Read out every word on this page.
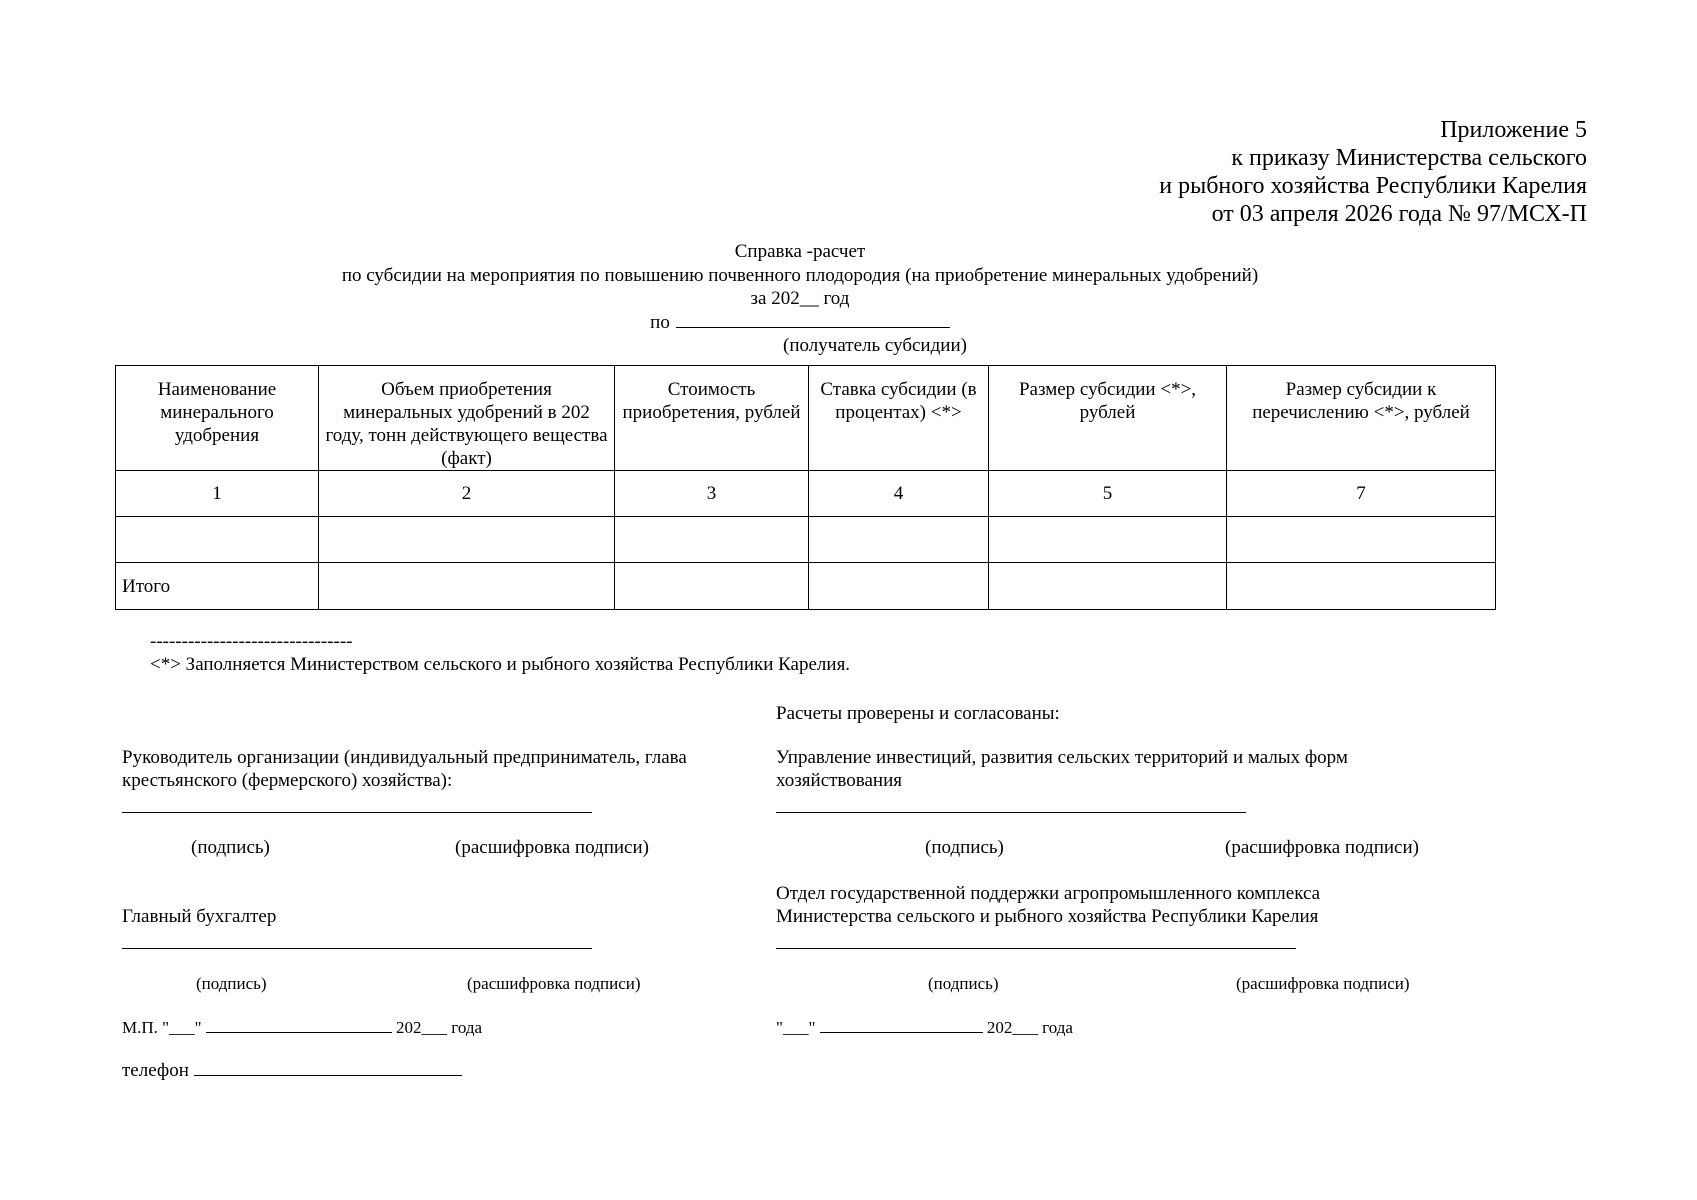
Приложение 5
к приказу Министерства сельского
и рыбного хозяйства Республики Карелия
от 03 апреля 2026 года № 97/МСХ-П
Справка -расчет
по субсидии на мероприятия по повышению почвенного плодородия (на приобретение минеральных удобрений)
за 202__ год
по
(получатель субсидии)
Наименование минерального удобрения	Объем приобретения минеральных удобрений в 202 году, тонн действующего вещества (факт)	Стоимость приобретения, рублей	Ставка субсидии (в процентах) <*>	Размер субсидии <*>, рублей	Размер субсидии к перечислению <*>, рублей
1	2	3	4	5	7

Итого					
--------------------------------
<*> Заполняется Министерством сельского и рыбного хозяйства Республики Карелия.
Расчеты проверены и согласованы:
Руководитель организации (индивидуальный предприниматель, глава крестьянского (фермерского) хозяйства):
(подпись)	(расшифровка подписи)
Управление инвестиций, развития сельских территорий и малых форм хозяйствования
(подпись)	(расшифровка подписи)
Главный бухгалтер
(подпись)	(расшифровка подписи)
Отдел государственной поддержки агропромышленного комплекса
Министерства сельского и рыбного хозяйства Республики Карелия
(подпись)	(расшифровка подписи)
М.П. "___"	202___ года	"___"	202___ года
телефон
